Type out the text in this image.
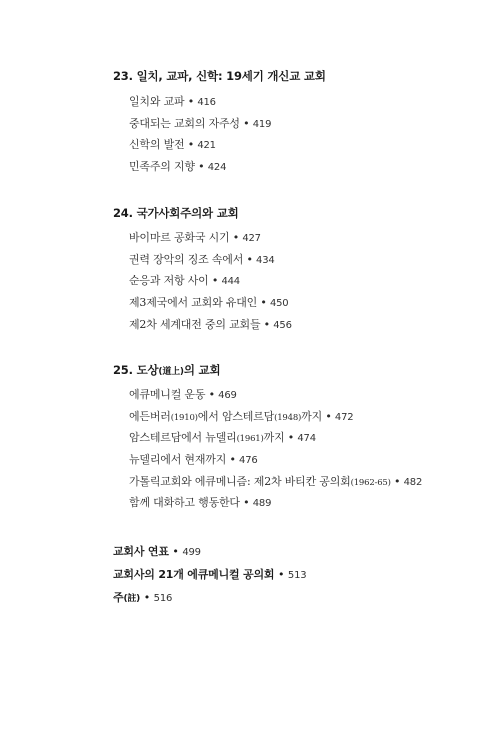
23. 일치, 교파, 신학: 19세기 개신교 교회
일치와 교파 • 416
중대되는 교회의 자주성 • 419
신학의 발전 • 421
민족주의 지향 • 424
24. 국가사회주의와 교회
바이마르 공화국 시기 • 427
권력 장악의 징조 속에서 • 434
순응과 저항 사이 • 444
제3제국에서 교회와 유대인 • 450
제2차 세계대전 중의 교회들 • 456
25. 도상(道上)의 교회
에큐메니컬 운동 • 469
에든버러(1910)에서 암스테르담(1948)까지 • 472
암스테르담에서 뉴델리(1961)까지 • 474
뉴델리에서 현재까지 • 476
가톨릭교회와 에큐메니즘: 제2차 바티칸 공의회(1962-65) • 482
함께 대화하고 행동한다 • 489
교회사 연표 • 499
교회사의 21개 에큐메니컬 공의회 • 513
주(註) • 516
